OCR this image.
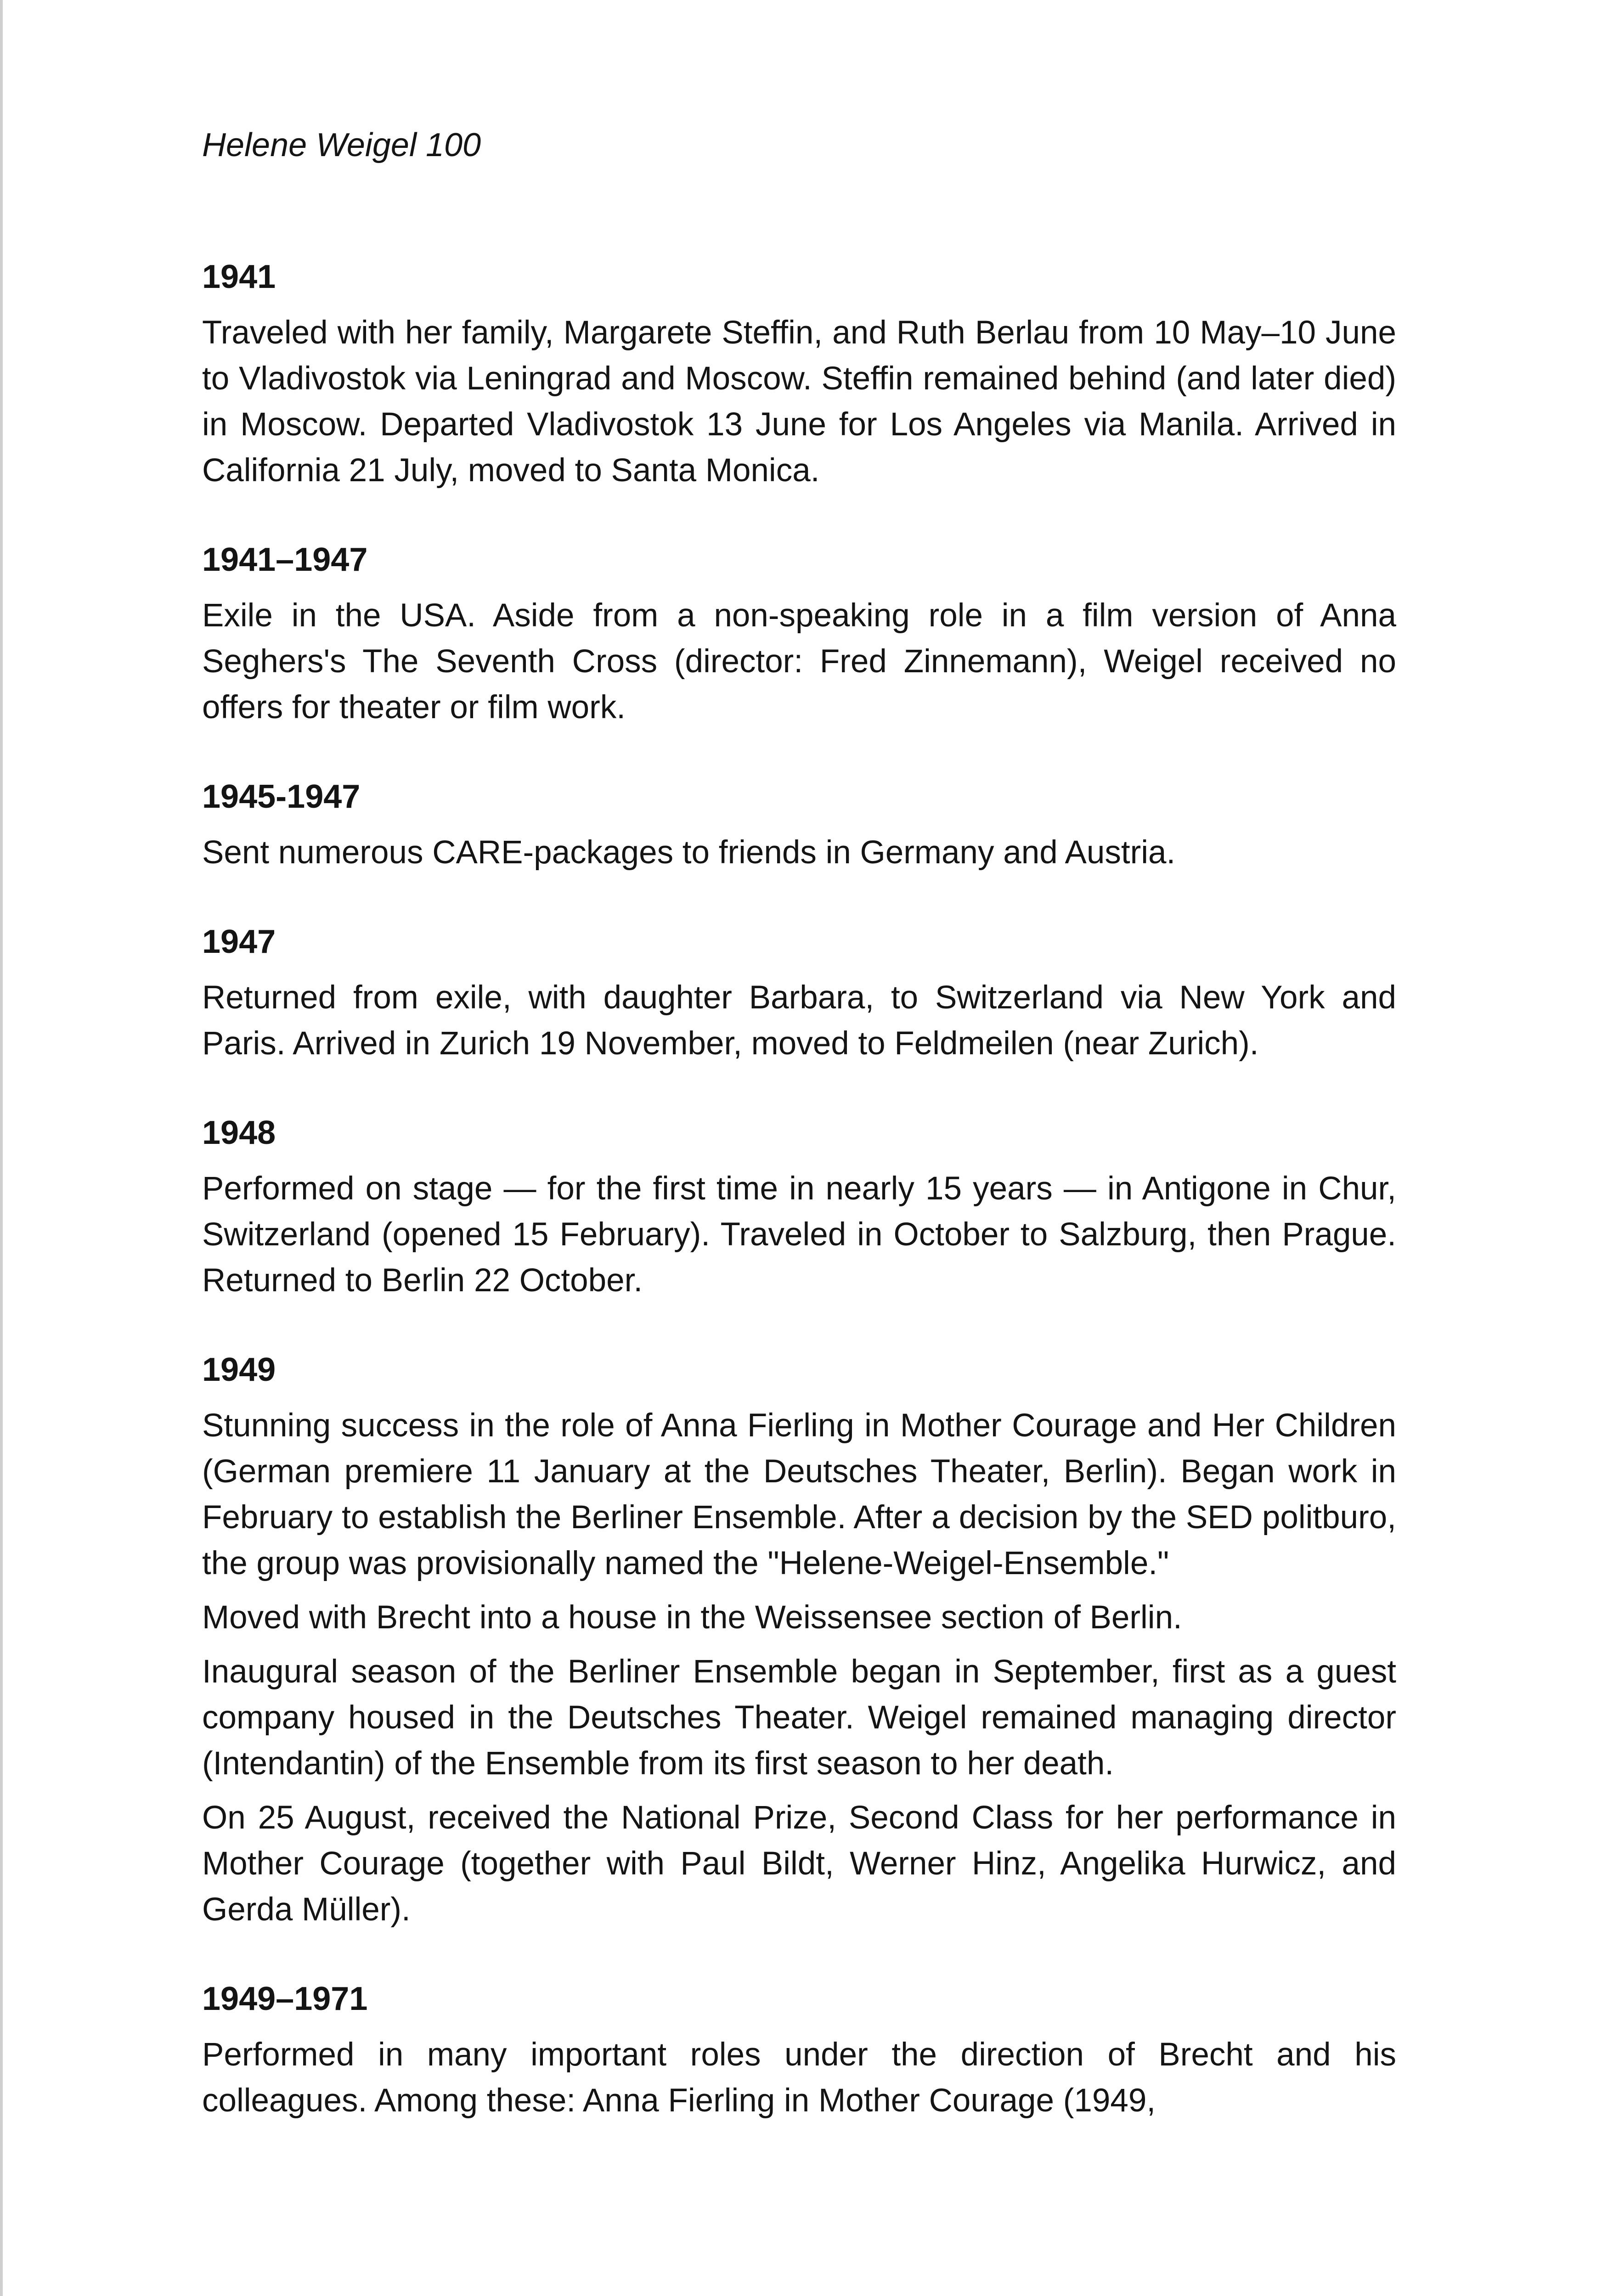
Helene Weigel 100
1941

Traveled with her family, Margarete Steffin, and Ruth Berlau from 10 May–10 June to Vladivostok via Leningrad and Moscow. Steffin remained behind (and later died) in Moscow. Departed Vladivostok 13 June for Los Angeles via Manila. Arrived in California 21 July, moved to Santa Monica.

1941–1947

Exile in the USA. Aside from a non-speaking role in a film version of Anna Seghers's The Seventh Cross (director: Fred Zinnemann), Weigel received no offers for theater or film work.

1945-1947

Sent numerous CARE-packages to friends in Germany and Austria.

1947

Returned from exile, with daughter Barbara, to Switzerland via New York and Paris. Arrived in Zurich 19 November, moved to Feldmeilen (near Zurich).

1948

Performed on stage — for the first time in nearly 15 years — in Antigone in Chur, Switzerland (opened 15 February). Traveled in October to Salzburg, then Prague. Returned to Berlin 22 October.

1949

Stunning success in the role of Anna Fierling in Mother Courage and Her Children (German premiere 11 January at the Deutsches Theater, Berlin). Began work in February to establish the Berliner Ensemble. After a decision by the SED politburo, the group was provisionally named the "Helene-Weigel-Ensemble."

Moved with Brecht into a house in the Weissensee section of Berlin.

Inaugural season of the Berliner Ensemble began in September, first as a guest company housed in the Deutsches Theater. Weigel remained managing director (Intendantin) of the Ensemble from its first season to her death.

On 25 August, received the National Prize, Second Class for her performance in Mother Courage (together with Paul Bildt, Werner Hinz, Angelika Hurwicz, and Gerda Müller).

1949–1971

Performed in many important roles under the direction of Brecht and his colleagues. Among these: Anna Fierling in Mother Courage (1949,
